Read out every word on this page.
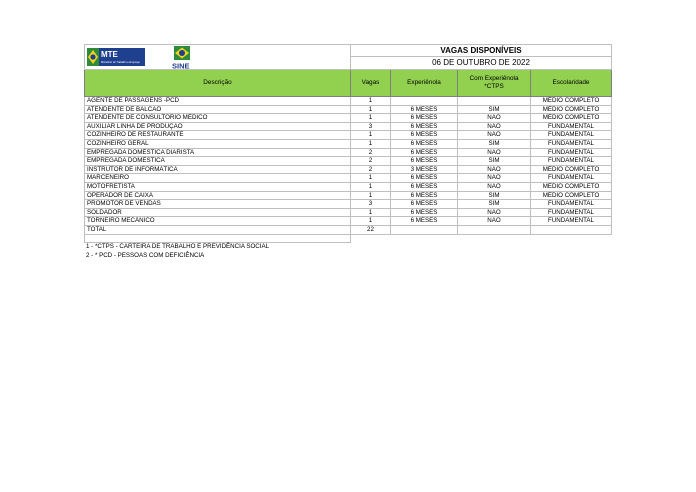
MTE
Ministério do Trabalho e Emprego SINE	VAGAS DISPONÍVEIS			
	06 DE OUTUBRO DE 2022			
Descrição	Vagas	Experiênola	Com Experiênola *CTPS	Escolaridade
AGENTE DE PASSAGENS -PCD	1			MÉDIO COMPLETO
ATENDENTE DE BALCÃO	1	6 MESES	SIM	MÉDIO COMPLETO
ATENDENTE DE CONSULTÓRIO MÉDICO	1	6 MESES	NÃO	MÉDIO COMPLETO
AUXILIAR LINHA DE PRODUÇÃO	3	6 MESES	NÃO	FUNDAMENTAL
COZINHEIRO DE RESTAURANTE	1	6 MESES	NÃO	FUNDAMENTAL
COZINHEIRO GERAL	1	6 MESES	SIM	FUNDAMENTAL
EMPREGADA DOMÉSTICA DIARISTA	2	6 MESES	NÃO	FUNDAMENTAL
EMPREGADA DOMÉSTICA	2	6 MESES	SIM	FUNDAMENTAL
INSTRUTOR DE INFORMÁTICA	2	3 MESES	NÃO	MÉDIO COMPLETO
MARCENEIRO	1	6 MESES	NÃO	FUNDAMENTAL
MOTOFRETISTA	1	6 MESES	NÃO	MÉDIO COMPLETO
OPERADOR DE CAIXA	1	6 MESES	SIM	MÉDIO COMPLETO
PROMOTOR DE VENDAS	3	6 MESES	SIM	FUNDAMENTAL
SOLDADOR	1	6 MESES	NÃO	FUNDAMENTAL
TORNEIRO MECÂNICO	1	6 MESES	NÃO	FUNDAMENTAL
TOTAL	22			

1 - *CTPS - CARTEIRA DE TRABALHO E PREVIDÊNCIA SOCIAL
2 - * PCD - PESSOAS COM DEFICIÊNCIA
